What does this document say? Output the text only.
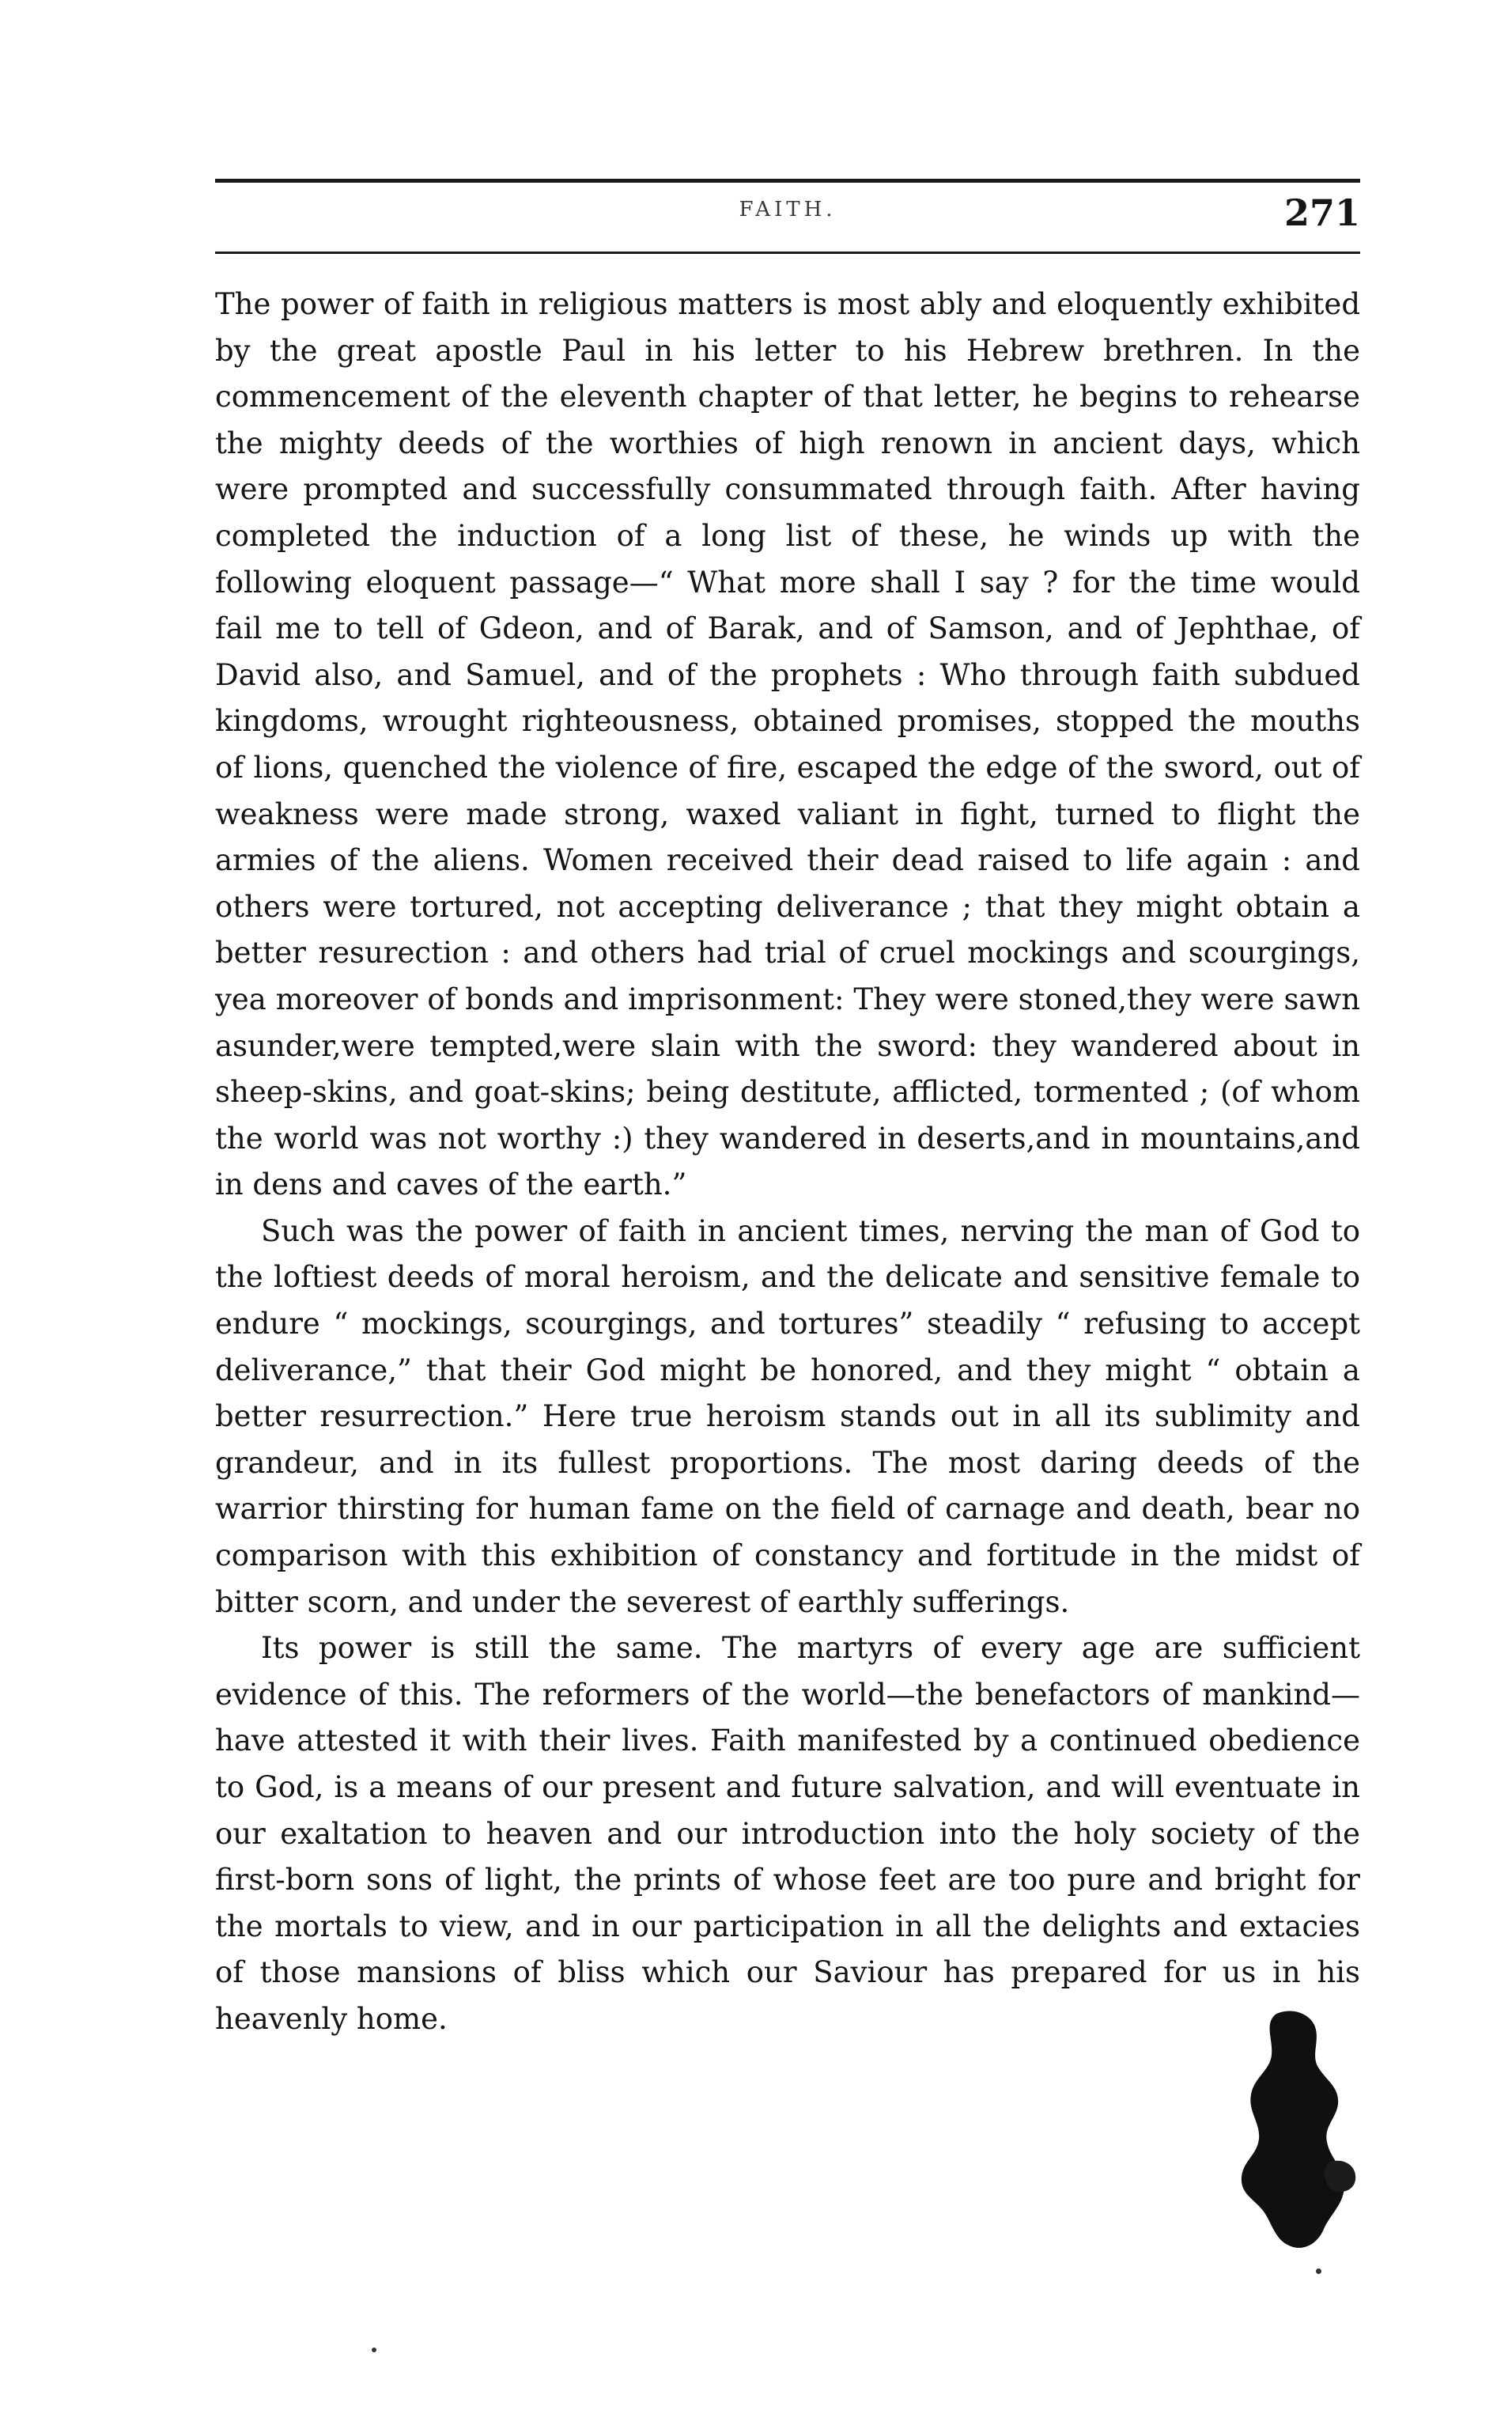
FAITH.	271

The power of faith in religious matters is most ably and eloquently exhibited by the great apostle Paul in his letter to his Hebrew brethren. In the commencement of the eleventh chapter of that letter, he begins to rehearse the mighty deeds of the worthies of high renown in ancient days, which were prompted and successfully consummated through faith. After having completed the induction of a long list of these, he winds up with the following eloquent passage—“ What more shall I say ? for the time would fail me to tell of Gdeon, and of Barak, and of Samson, and of Jephthae, of David also, and Samuel, and of the prophets : Who through faith subdued kingdoms, wrought righteousness, obtained promises, stopped the mouths of lions, quenched the violence of fire, escaped the edge of the sword, out of weakness were made strong, waxed valiant in fight, turned to flight the armies of the aliens. Women received their dead raised to life again : and others were tortured, not accepting deliverance ; that they might obtain a better resurection : and others had trial of cruel mockings and scourgings, yea moreover of bonds and imprisonment: They were stoned,they were sawn asunder,were tempted,were slain with the sword: they wandered about in sheep-skins, and goat-skins; being destitute, afflicted, tormented ; (of whom the world was not worthy :) they wandered in deserts,and in mountains,and in dens and caves of the earth.”

Such was the power of faith in ancient times, nerving the man of God to the loftiest deeds of moral heroism, and the delicate and sensitive female to endure “ mockings, scourgings, and tortures” steadily “ refusing to accept deliverance,” that their God might be honored, and they might “ obtain a better resurrection.” Here true heroism stands out in all its sublimity and grandeur, and in its fullest proportions. The most daring deeds of the warrior thirsting for human fame on the field of carnage and death, bear no comparison with this exhibition of constancy and fortitude in the midst of bitter scorn, and under the severest of earthly sufferings.

Its power is still the same. The martyrs of every age are sufficient evidence of this. The reformers of the world—the benefactors of mankind—have attested it with their lives. Faith manifested by a continued obedience to God, is a means of our present and future salvation, and will eventuate in our exaltation to heaven and our introduction into the holy society of the first-born sons of light, the prints of whose feet are too pure and bright for the mortals to view, and in our participation in all the delights and extacies of those mansions of bliss which our Saviour has prepared for us in his heavenly home.
